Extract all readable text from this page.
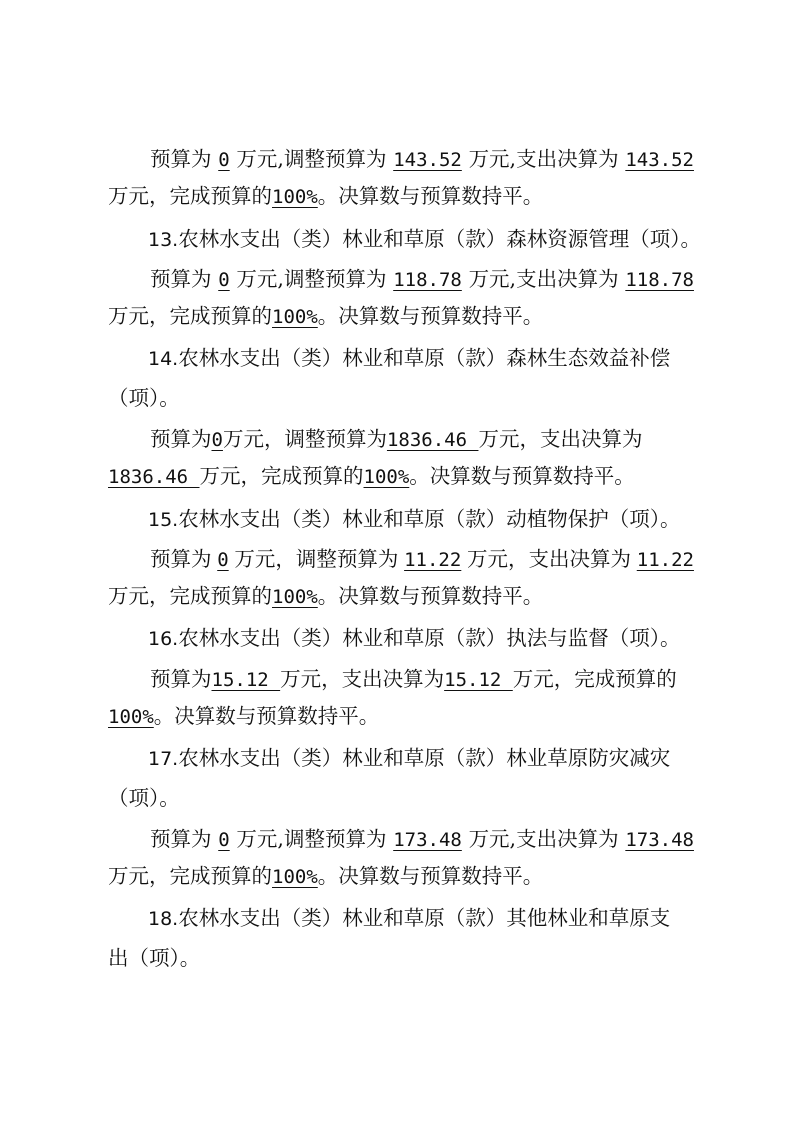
预算为 0 万元,调整预算为 143.52 万元,支出决算为 143.52
万元，完成预算的100%。决算数与预算数持平。
13.农林水支出（类）林业和草原（款）森林资源管理（项）。
预算为 0 万元,调整预算为 118.78 万元,支出决算为 118.78
万元，完成预算的100%。决算数与预算数持平。
14.农林水支出（类）林业和草原（款）森林生态效益补偿
（项）。
预算为0万元，调整预算为1836.46 万元，支出决算为
1836.46 万元，完成预算的100%。决算数与预算数持平。
15.农林水支出（类）林业和草原（款）动植物保护（项）。
预算为 0 万元，调整预算为 11.22 万元，支出决算为 11.22
万元，完成预算的100%。决算数与预算数持平。
16.农林水支出（类）林业和草原（款）执法与监督（项）。
预算为15.12 万元，支出决算为15.12 万元，完成预算的
100%。决算数与预算数持平。
17.农林水支出（类）林业和草原（款）林业草原防灾减灾
（项）。
预算为 0 万元,调整预算为 173.48 万元,支出决算为 173.48
万元，完成预算的100%。决算数与预算数持平。
18.农林水支出（类）林业和草原（款）其他林业和草原支
出（项）。
